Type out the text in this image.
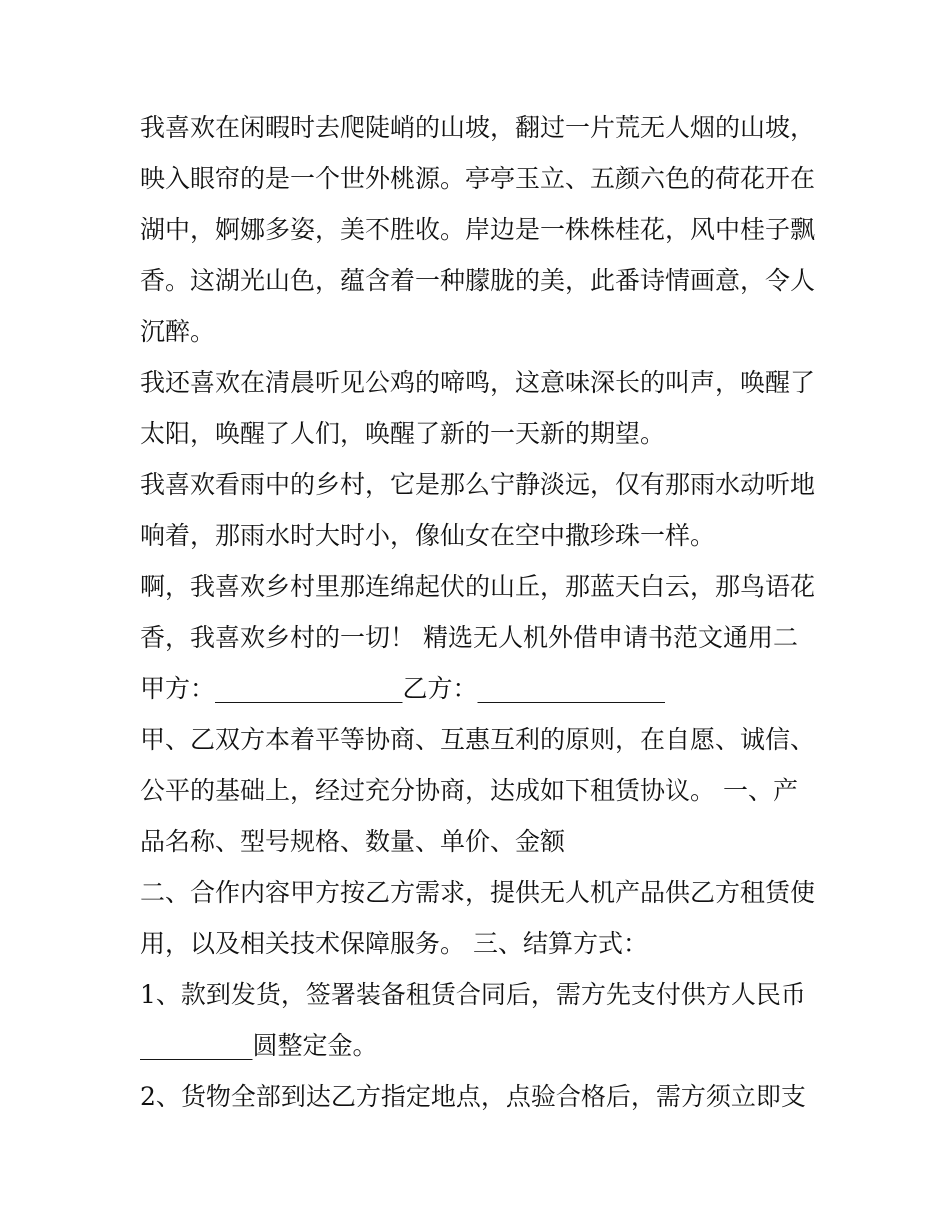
我喜欢在闲暇时去爬陡峭的山坡，翻过一片荒无人烟的山坡，映入眼帘的是一个世外桃源。亭亭玉立、五颜六色的荷花开在湖中，婀娜多姿，美不胜收。岸边是一株株桂花，风中桂子飘香。这湖光山色，蕴含着一种朦胧的美，此番诗情画意，令人沉醉。

我还喜欢在清晨听见公鸡的啼鸣，这意味深长的叫声，唤醒了太阳，唤醒了人们，唤醒了新的一天新的期望。

我喜欢看雨中的乡村，它是那么宁静淡远，仅有那雨水动听地响着，那雨水时大时小，像仙女在空中撒珍珠一样。

啊，我喜欢乡村里那连绵起伏的山丘，那蓝天白云，那鸟语花香，我喜欢乡村的一切！ 精选无人机外借申请书范文通用二

甲方：_______________乙方：_______________

甲、乙双方本着平等协商、互惠互利的原则，在自愿、诚信、公平的基础上，经过充分协商，达成如下租赁协议。 一、产品名称、型号规格、数量、单价、金额

二、合作内容甲方按乙方需求，提供无人机产品供乙方租赁使用，以及相关技术保障服务。 三、结算方式：

1、款到发货，签署装备租赁合同后，需方先支付供方人民币_________圆整定金。

2、货物全部到达乙方指定地点，点验合格后，需方须立即支
